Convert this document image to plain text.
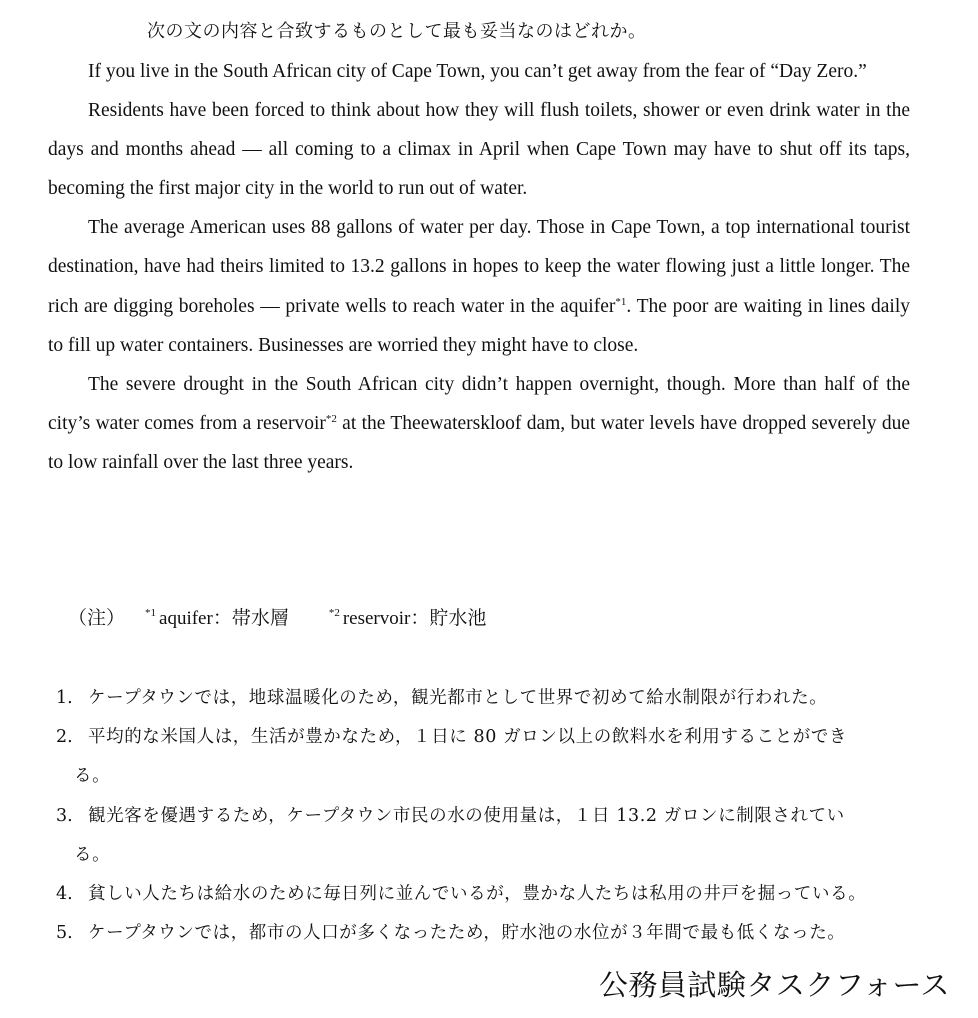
次の文の内容と合致するものとして最も妥当なのはどれか。

If you live in the South African city of Cape Town, you can’t get away from the fear of “Day Zero.”

Residents have been forced to think about how they will flush toilets, shower or even drink water in the days and months ahead — all coming to a climax in April when Cape Town may have to shut off its taps, becoming the first major city in the world to run out of water.

The average American uses 88 gallons of water per day. Those in Cape Town, a top international tourist destination, have had theirs limited to 13.2 gallons in hopes to keep the water flowing just a little longer. The rich are digging boreholes — private wells to reach water in the aquifer$^{*1}$. The poor are waiting in lines daily to fill up water containers. Businesses are worried they might have to close.

The severe drought in the South African city didn’t happen overnight, though. More than half of the city’s water comes from a reservoir$^{*2}$ at the Theewaterskloof dam, but water levels have dropped severely due to low rainfall over the last three years.

（注） $^{*1}$ aquifer：帯水層	$^{*2}$ reservoir：貯水池
1. ケープタウンでは，地球温暖化のため，観光都市として世界で初めて給水制限が行われた。
2. 平均的な米国人は，生活が豊かなため，１日に 80 ガロン以上の飲料水を利用することができ
る。
3. 観光客を優遇するため，ケープタウン市民の水の使用量は，１日 13.2 ガロンに制限されてい
る。
4. 貧しい人たちは給水のために毎日列に並んでいるが，豊かな人たちは私用の井戸を掘っている。
5. ケープタウンでは，都市の人口が多くなったため，貯水池の水位が３年間で最も低くなった。
公務員試験タスクフォース
